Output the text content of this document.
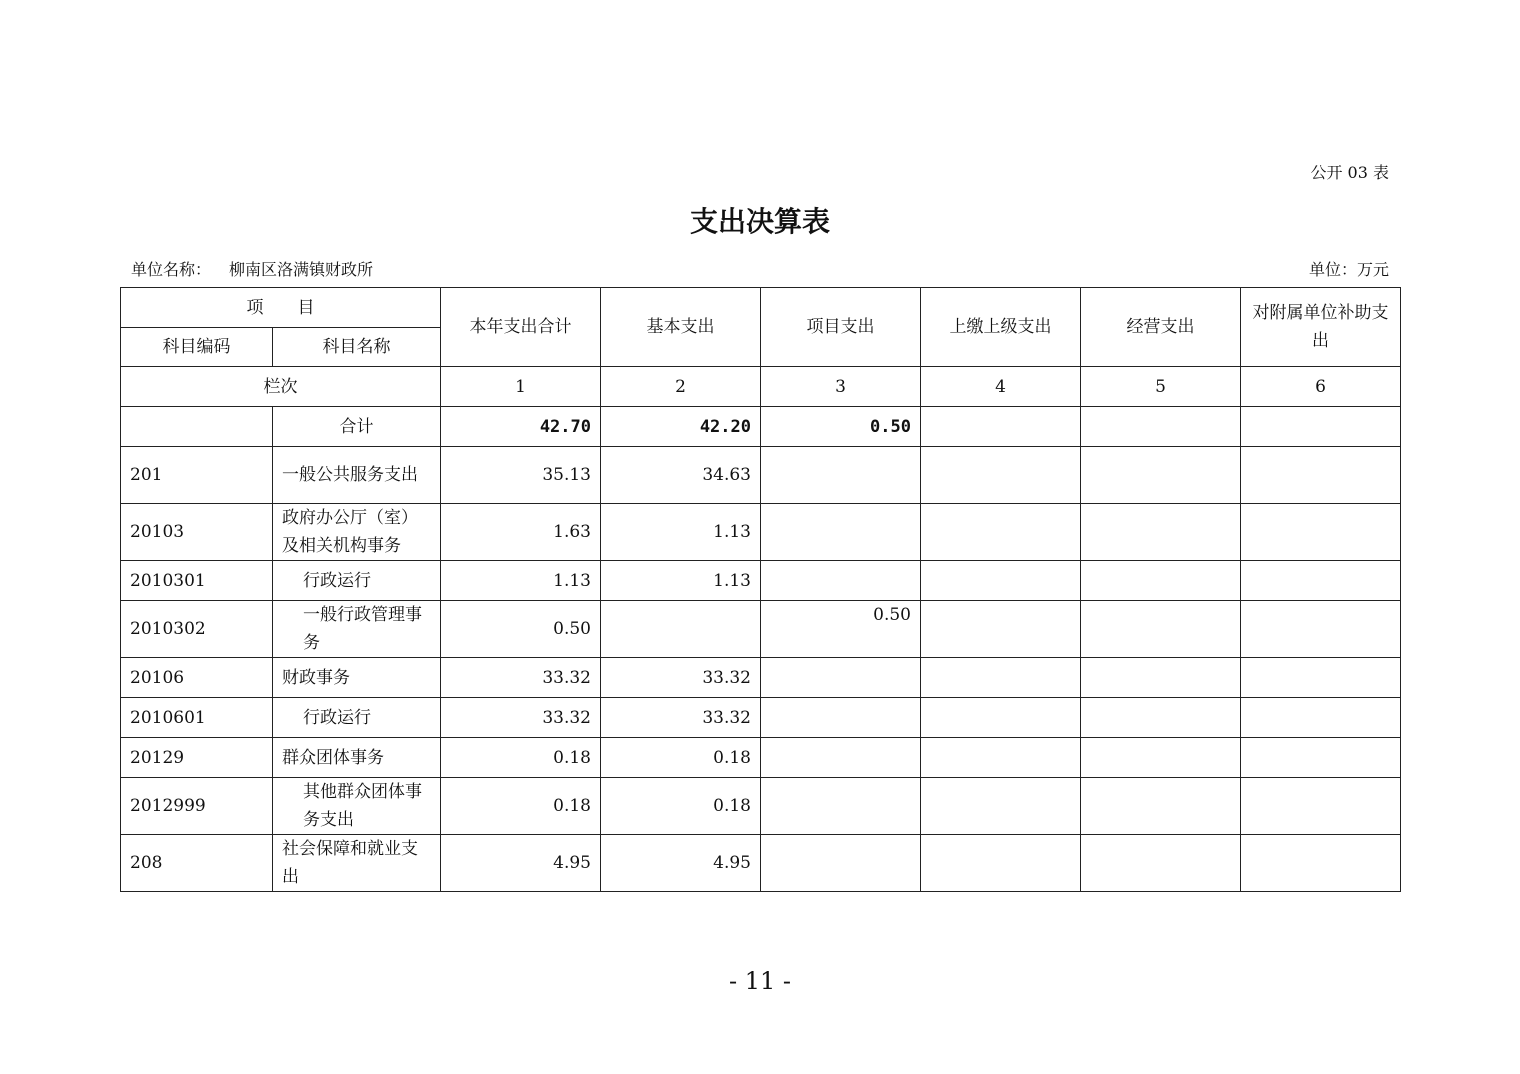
公开 03 表
支出决算表
单位名称： 柳南区洛满镇财政所	单位：万元
项　　目		本年支出合计	基本支出	项目支出	上缴上级支出	经营支出	对附属单位补助支出
科目编码	科目名称						
栏次		1	2	3	4	5	6
	合计	42.70	42.20	0.50			
201	一般公共服务支出	35.13	34.63				
20103	政府办公厅（室）及相关机构事务	1.63	1.13				
2010301	行政运行	1.13	1.13				
2010302	一般行政管理事务	0.50		0.50			
20106	财政事务	33.32	33.32				
2010601	行政运行	33.32	33.32				
20129	群众团体事务	0.18	0.18				
2012999	其他群众团体事务支出	0.18	0.18				
208	社会保障和就业支出	4.95	4.95				
- 11 -
